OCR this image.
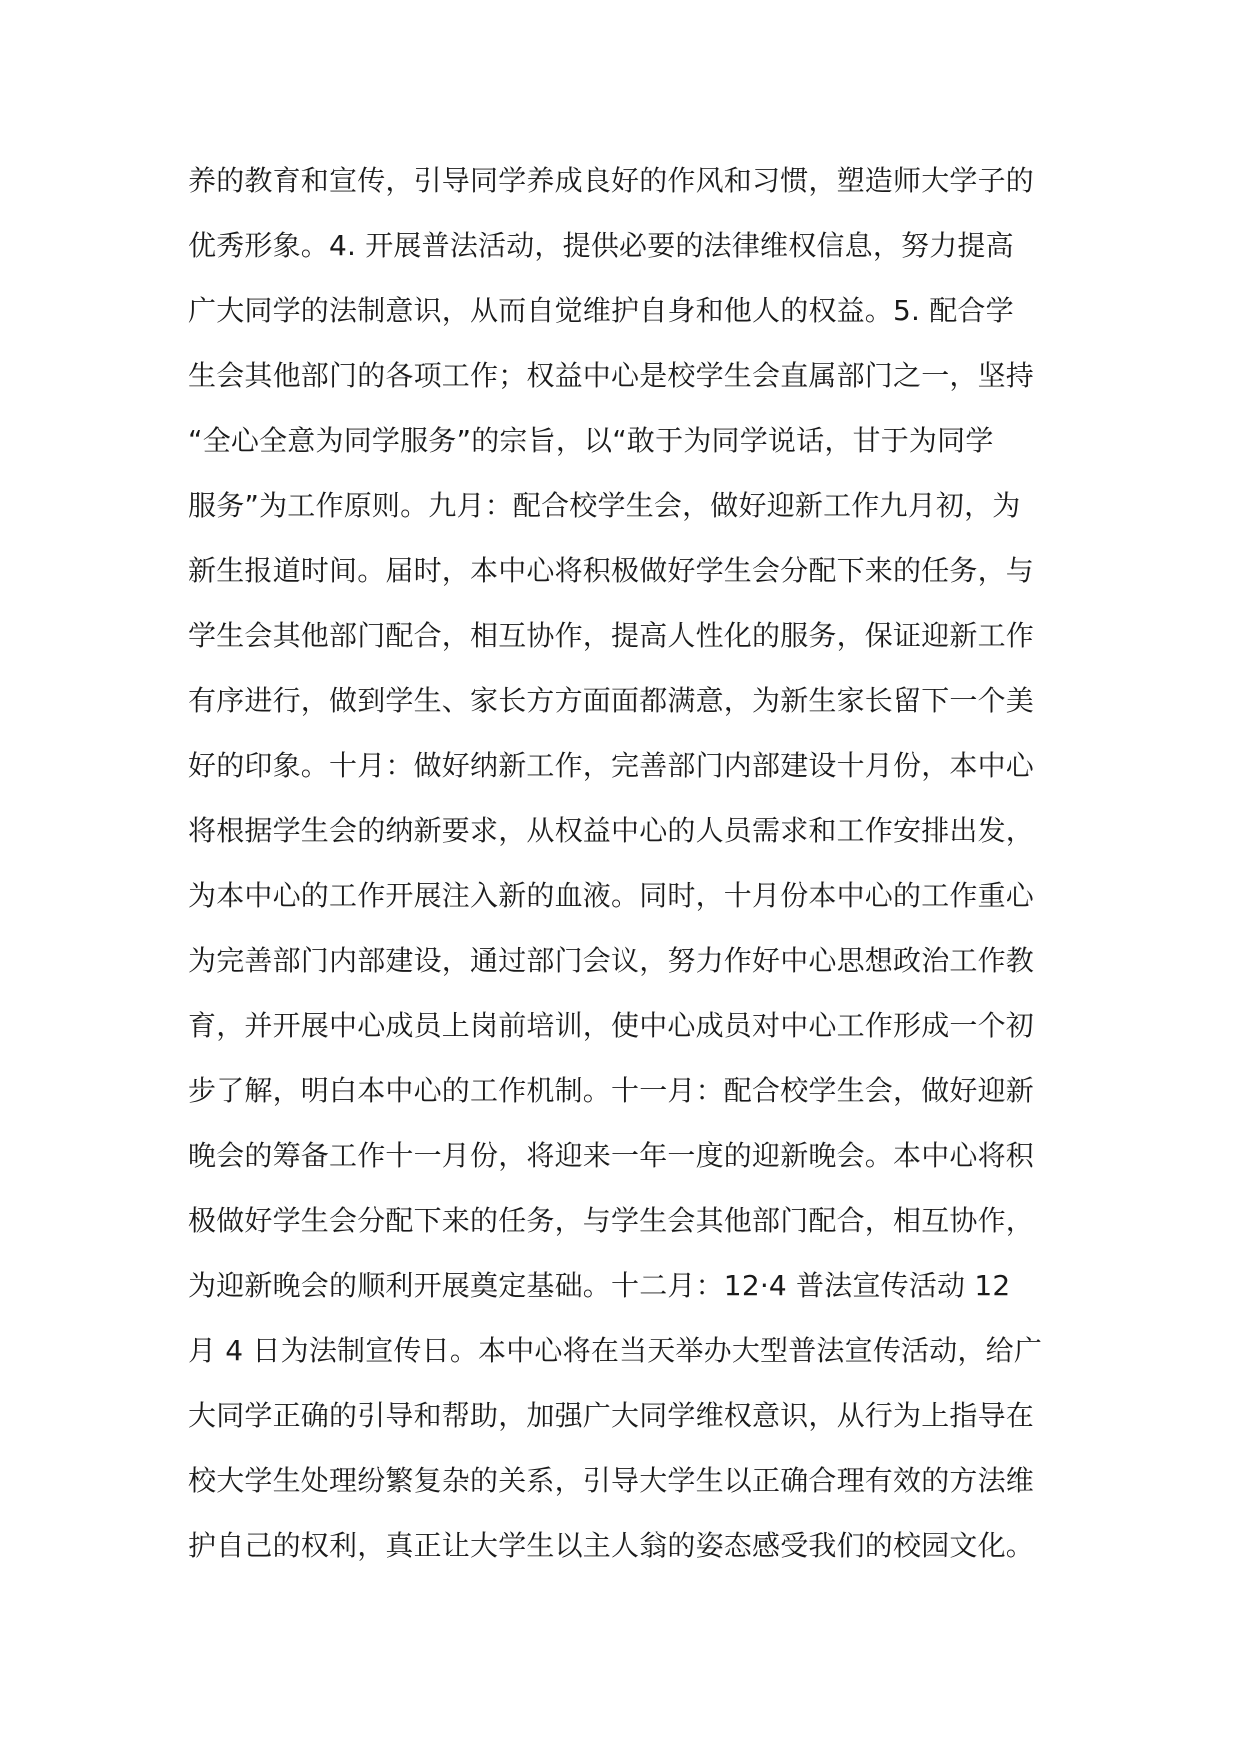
养的教育和宣传，引导同学养成良好的作风和习惯，塑造师大学子的
优秀形象。4. 开展普法活动，提供必要的法律维权信息，努力提高
广大同学的法制意识，从而自觉维护自身和他人的权益。5. 配合学
生会其他部门的各项工作；权益中心是校学生会直属部门之一，坚持
“全心全意为同学服务”的宗旨，以“敢于为同学说话，甘于为同学
服务”为工作原则。九月：配合校学生会，做好迎新工作九月初，为
新生报道时间。届时，本中心将积极做好学生会分配下来的任务，与
学生会其他部门配合，相互协作，提高人性化的服务，保证迎新工作
有序进行，做到学生、家长方方面面都满意，为新生家长留下一个美
好的印象。十月：做好纳新工作，完善部门内部建设十月份，本中心
将根据学生会的纳新要求，从权益中心的人员需求和工作安排出发，
为本中心的工作开展注入新的血液。同时，十月份本中心的工作重心
为完善部门内部建设，通过部门会议，努力作好中心思想政治工作教
育，并开展中心成员上岗前培训，使中心成员对中心工作形成一个初
步了解，明白本中心的工作机制。十一月：配合校学生会，做好迎新
晚会的筹备工作十一月份，将迎来一年一度的迎新晚会。本中心将积
极做好学生会分配下来的任务，与学生会其他部门配合，相互协作，
为迎新晚会的顺利开展奠定基础。十二月：12·4 普法宣传活动 12
月 4 日为法制宣传日。本中心将在当天举办大型普法宣传活动，给广
大同学正确的引导和帮助，加强广大同学维权意识，从行为上指导在
校大学生处理纷繁复杂的关系，引导大学生以正确合理有效的方法维
护自己的权利，真正让大学生以主人翁的姿态感受我们的校园文化。
